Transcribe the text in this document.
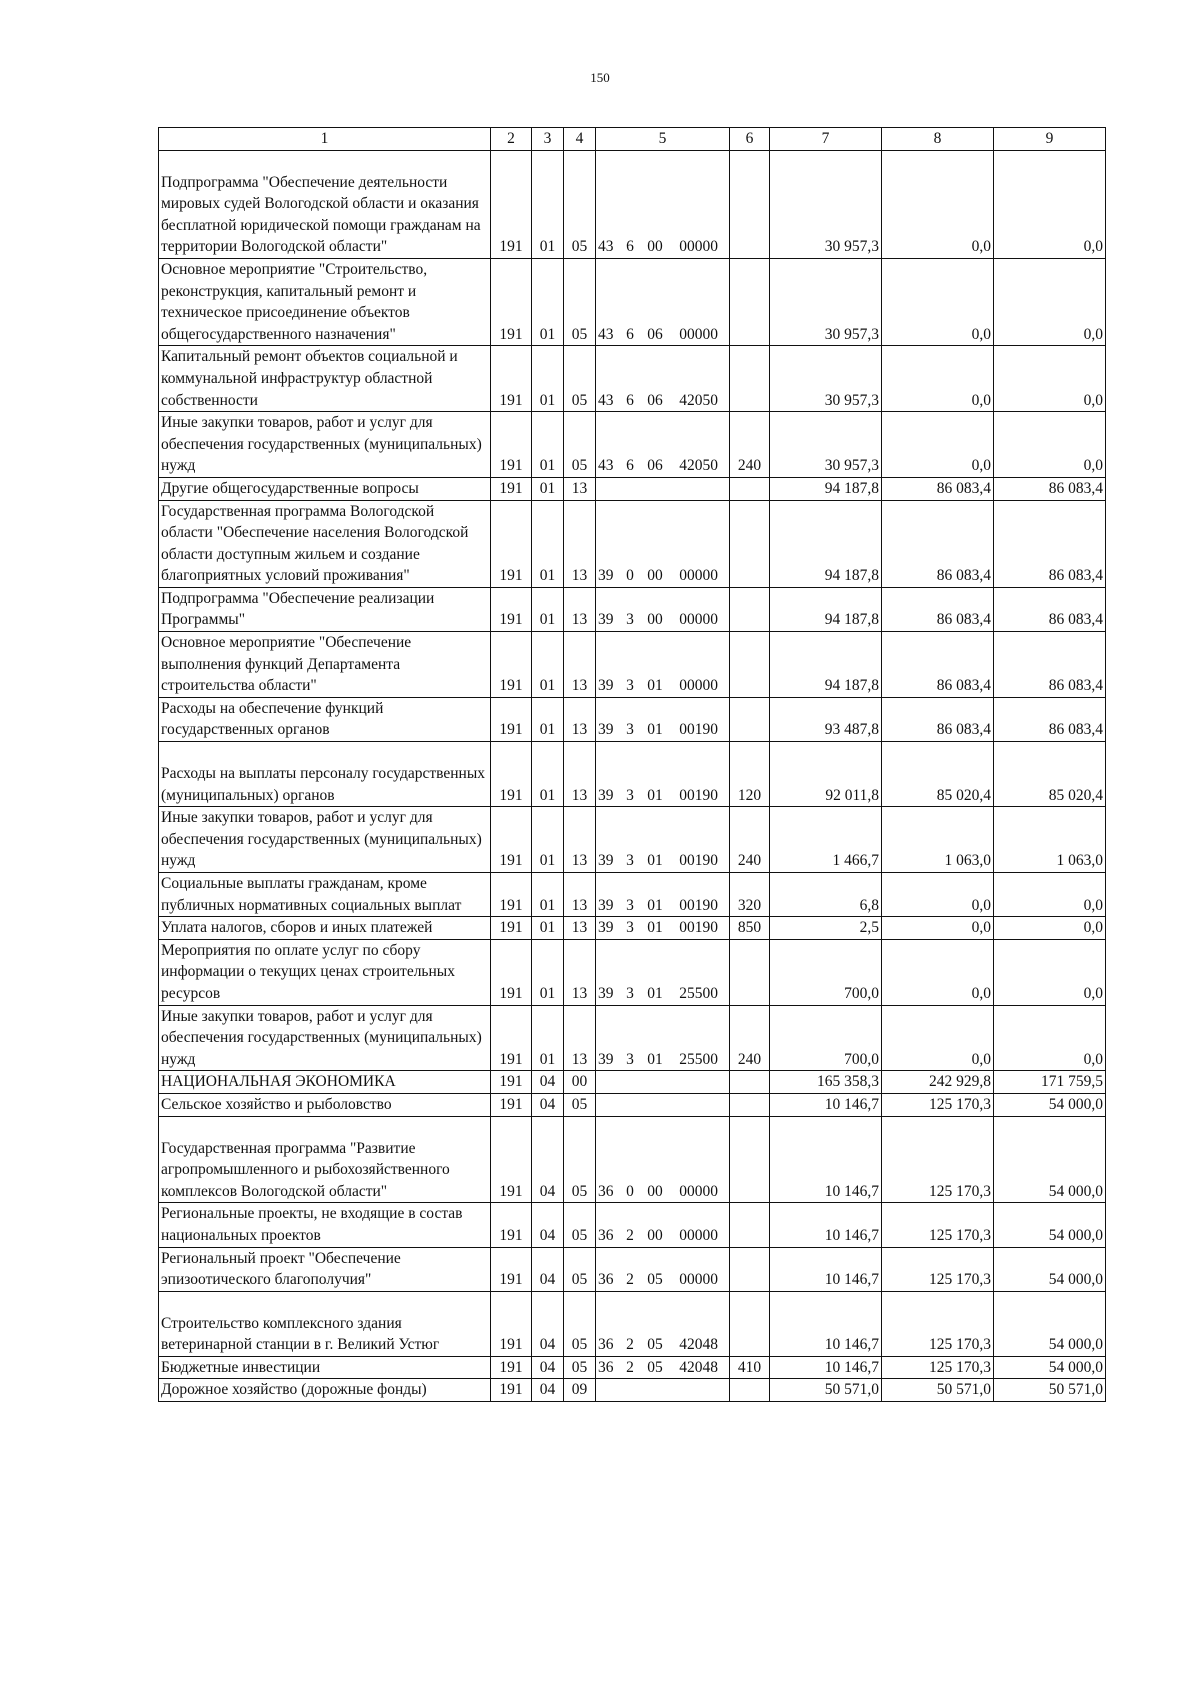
150
1	2	3	4	5	6	7	8	9
Подпрограмма "Обеспечение деятельности мировых судей Вологодской области и оказания бесплатной юридической помощи гражданам на территории Вологодской области"	191	01	05	43 6 00 00000		30 957,3	0,0	0,0
Основное мероприятие "Строительство, реконструкция, капитальный ремонт и техническое присоединение объектов общегосударственного назначения"	191	01	05	43 6 06 00000		30 957,3	0,0	0,0
Капитальный ремонт объектов социальной и коммунальной инфраструктур областной собственности	191	01	05	43 6 06 42050		30 957,3	0,0	0,0
Иные закупки товаров, работ и услуг для обеспечения государственных (муниципальных) нужд	191	01	05	43 6 06 42050	240	30 957,3	0,0	0,0
Другие общегосударственные вопросы	191	01	13			94 187,8	86 083,4	86 083,4
Государственная программа Вологодской области "Обеспечение населения Вологодской области доступным жильем и создание благоприятных условий проживания"	191	01	13	39 0 00 00000		94 187,8	86 083,4	86 083,4
Подпрограмма "Обеспечение реализации Программы"	191	01	13	39 3 00 00000		94 187,8	86 083,4	86 083,4
Основное мероприятие "Обеспечение выполнения функций Департамента строительства области"	191	01	13	39 3 01 00000		94 187,8	86 083,4	86 083,4
Расходы на обеспечение функций государственных органов	191	01	13	39 3 01 00190		93 487,8	86 083,4	86 083,4
Расходы на выплаты персоналу государственных (муниципальных) органов	191	01	13	39 3 01 00190	120	92 011,8	85 020,4	85 020,4
Иные закупки товаров, работ и услуг для обеспечения государственных (муниципальных) нужд	191	01	13	39 3 01 00190	240	1 466,7	1 063,0	1 063,0
Социальные выплаты гражданам, кроме публичных нормативных социальных выплат	191	01	13	39 3 01 00190	320	6,8	0,0	0,0
Уплата налогов, сборов и иных платежей	191	01	13	39 3 01 00190	850	2,5	0,0	0,0
Мероприятия по оплате услуг по сбору информации о текущих ценах строительных ресурсов	191	01	13	39 3 01 25500		700,0	0,0	0,0
Иные закупки товаров, работ и услуг для обеспечения государственных (муниципальных) нужд	191	01	13	39 3 01 25500	240	700,0	0,0	0,0
НАЦИОНАЛЬНАЯ ЭКОНОМИКА	191	04	00			165 358,3	242 929,8	171 759,5
Сельское хозяйство и рыболовство	191	04	05			10 146,7	125 170,3	54 000,0
Государственная программа "Развитие агропромышленного и рыбохозяйственного комплексов Вологодской области"	191	04	05	36 0 00 00000		10 146,7	125 170,3	54 000,0
Региональные проекты, не входящие в состав национальных проектов	191	04	05	36 2 00 00000		10 146,7	125 170,3	54 000,0
Региональный проект "Обеспечение эпизоотического благополучия"	191	04	05	36 2 05 00000		10 146,7	125 170,3	54 000,0
Строительство комплексного здания ветеринарной станции в г. Великий Устюг	191	04	05	36 2 05 42048		10 146,7	125 170,3	54 000,0
Бюджетные инвестиции	191	04	05	36 2 05 42048	410	10 146,7	125 170,3	54 000,0
Дорожное хозяйство (дорожные фонды)	191	04	09			50 571,0	50 571,0	50 571,0
